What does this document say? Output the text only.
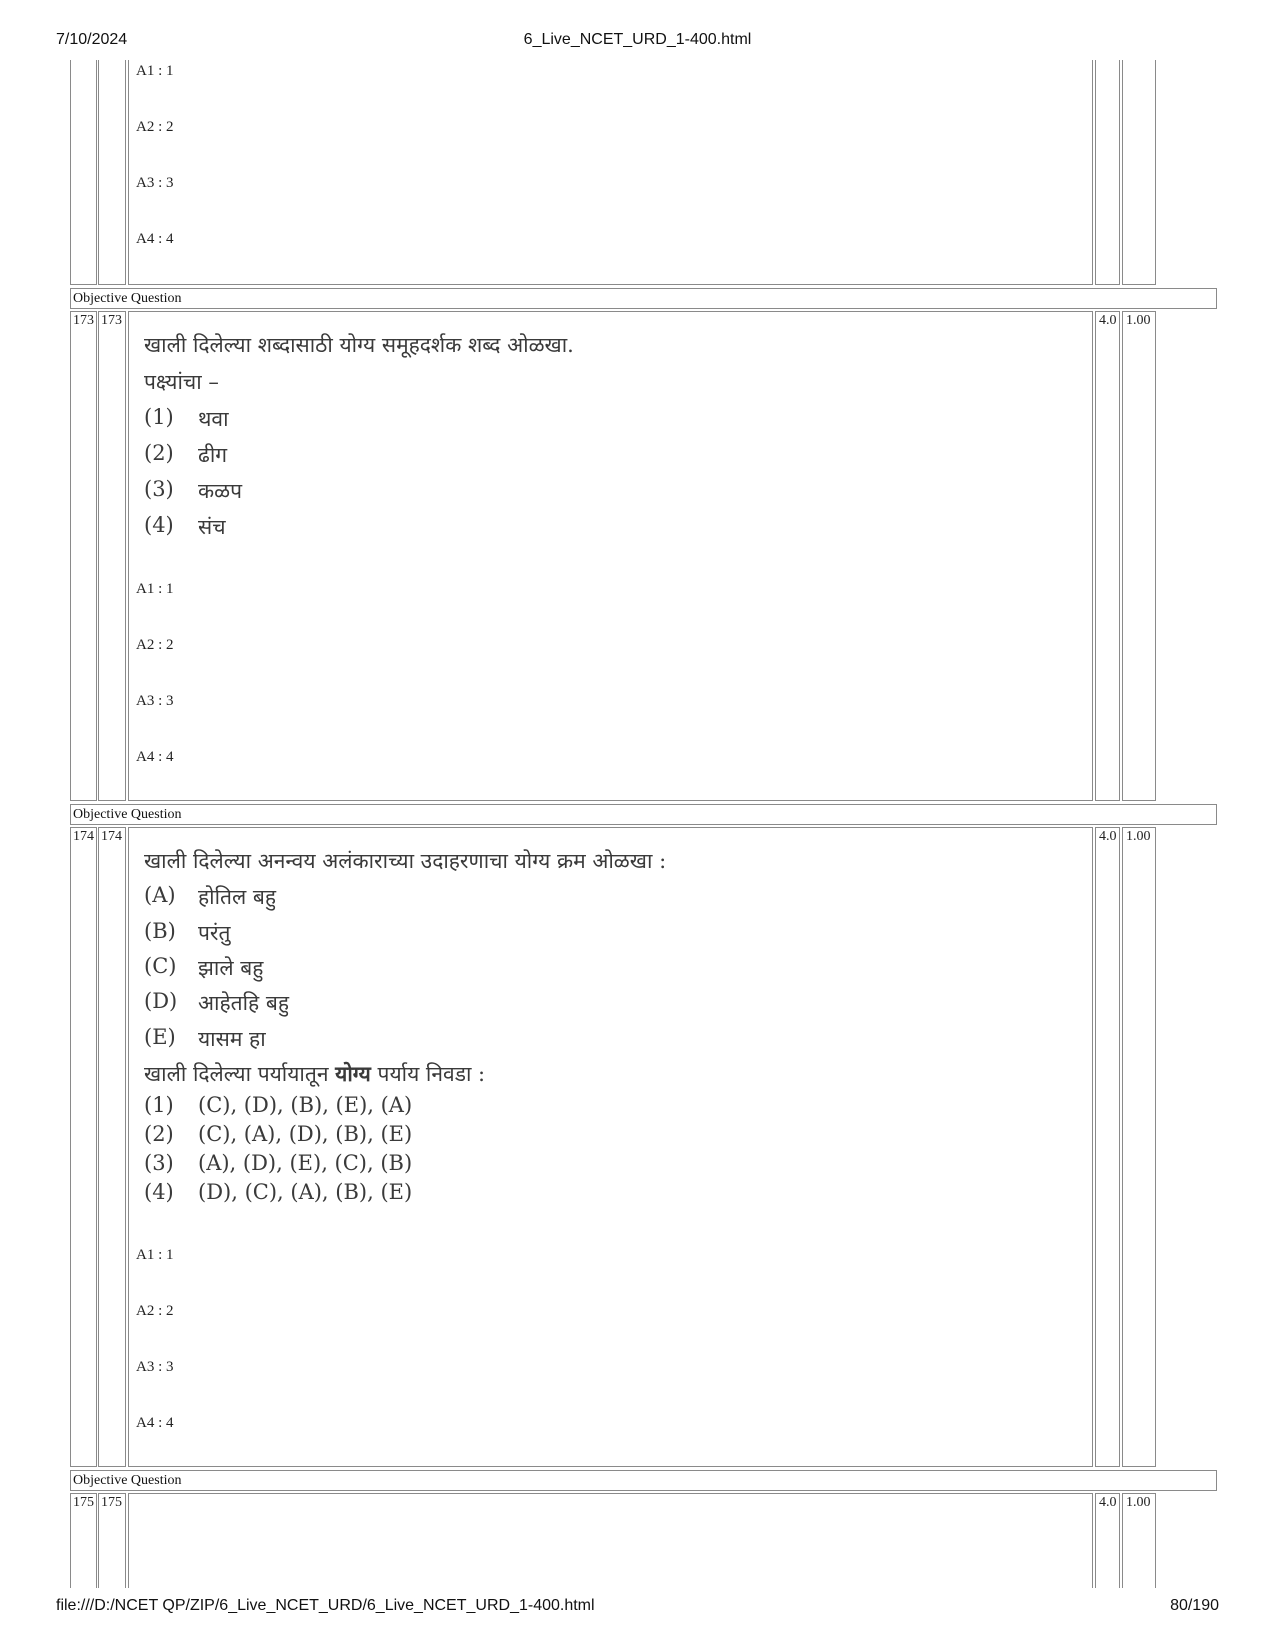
7/10/2024	6_Live_NCET_URD_1-400.html
A1 : 1
A2 : 2
A3 : 3
A4 : 4
Objective Question
173 173
खाली दिलेल्या शब्दासाठी योग्य समूहदर्शक शब्द ओळखा.
पक्ष्यांचा –
(1)	थवा
(2)	ढीग
(3)	कळप
(4)	संच
A1 : 1
A2 : 2
A3 : 3
A4 : 4
4.0 1.00
Objective Question
174 174
खाली दिलेल्या अनन्वय अलंकाराच्या उदाहरणाचा योग्य क्रम ओळखा :
(A)	होतिल बहु
(B)	परंतु
(C)	झाले बहु
(D) आहेतहि बहु
(E)	यासम हा
खाली दिलेल्या पर्यायातून योग्य पर्याय निवडा :
(1)	(C), (D), (B), (E), (A)
(2)	(C), (A), (D), (B), (E)
(3)	(A), (D), (E), (C), (B)
(4)	(D), (C), (A), (B), (E)
A1 : 1
A2 : 2
A3 : 3
A4 : 4
4.0 1.00
Objective Question
175 175	4.0 1.00
file:///D:/NCET QP/ZIP/6_Live_NCET_URD/6_Live_NCET_URD_1-400.html	80/190
